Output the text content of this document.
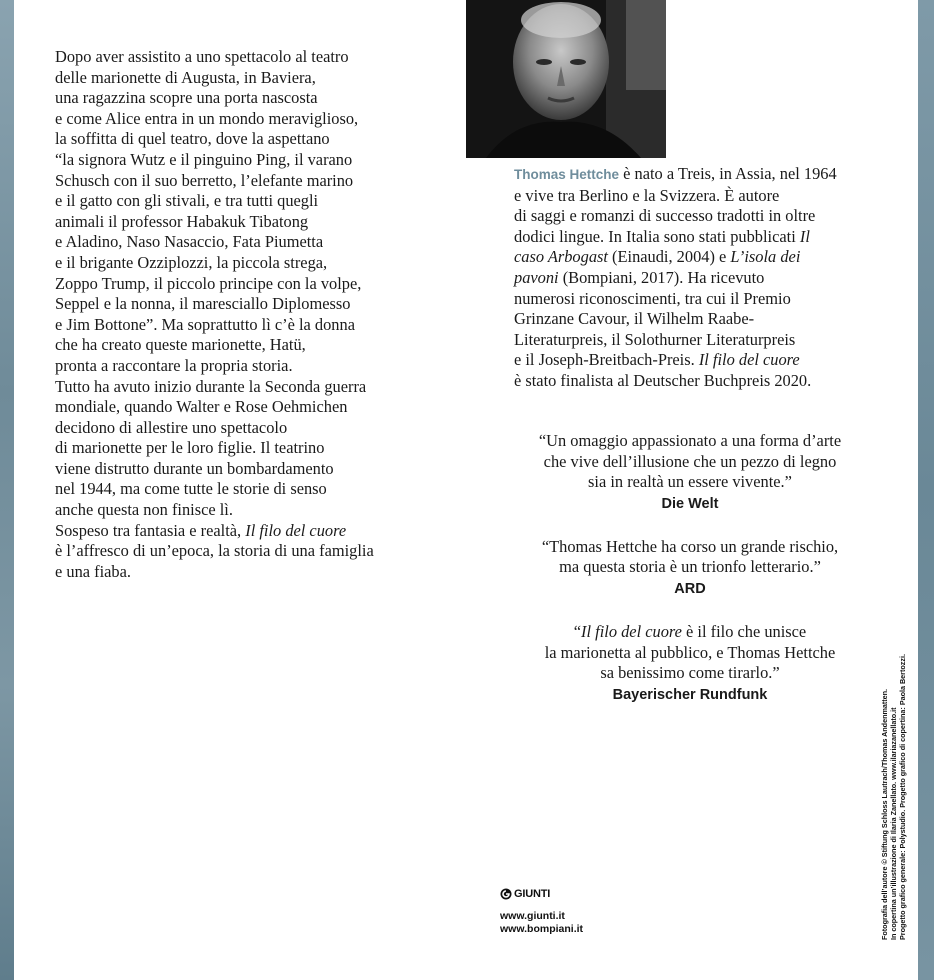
Dopo aver assistito a uno spettacolo al teatro

delle marionette di Augusta, in Baviera,

una ragazzina scopre una porta nascosta

e come Alice entra in un mondo meraviglioso,

la soffitta di quel teatro, dove la aspettano

“la signora Wutz e il pinguino Ping, il varano

Schusch con il suo berretto, l’elefante marino

e il gatto con gli stivali, e tra tutti quegli

animali il professor Habakuk Tibatong

e Aladino, Naso Nasaccio, Fata Piumetta

e il brigante Ozziplozzi, la piccola strega,

Zoppo Trump, il piccolo principe con la volpe,

Seppel e la nonna, il maresciallo Diplomesso

e Jim Bottone”. Ma soprattutto lì c’è la donna

che ha creato queste marionette, Hatü,

pronta a raccontare la propria storia.

Tutto ha avuto inizio durante la Seconda guerra

mondiale, quando Walter e Rose Oehmichen

decidono di allestire uno spettacolo

di marionette per le loro figlie. Il teatrino

viene distrutto durante un bombardamento

nel 1944, ma come tutte le storie di senso

anche questa non finisce lì.

Sospeso tra fantasia e realtà, Il filo del cuore

è l’affresco di un’epoca, la storia di una famiglia

e una fiaba.

Thomas Hettche è nato a Treis, in Assia, nel 1964
e vive tra Berlino e la Svizzera. È autore
di saggi e romanzi di successo tradotti in oltre
dodici lingue. In Italia sono stati pubblicati Il
caso Arbogast (Einaudi, 2004) e L’isola dei
pavoni (Bompiani, 2017). Ha ricevuto
numerosi riconoscimenti, tra cui il Premio
Grinzane Cavour, il Wilhelm Raabe-
Literaturpreis, il Solothurner Literaturpreis
e il Joseph-Breitbach-Preis. Il filo del cuore
è stato finalista al Deutscher Buchpreis 2020.

“Un omaggio appassionato a una forma d’arte

che vive dell’illusione che un pezzo di legno

sia in realtà un essere vivente.”

Die Welt

“Thomas Hettche ha corso un grande rischio,

ma questa storia è un trionfo letterario.”

ARD

“Il filo del cuore è il filo che unisce

la marionetta al pubblico, e Thomas Hettche

sa benissimo come tirarlo.”

Bayerischer Rundfunk

GIUNTI
www.giunti.it
www.bompiani.it	Fotografia dell’autore © Stiftung Schloss Lautrach/Thomas Andenmatten. In copertina un’illustrazione di Ilaria Zanellato. www.ilariazanellato.it Progetto grafico generale: Polystudio. Progetto grafico di copertina: Paola Bertozzi.
